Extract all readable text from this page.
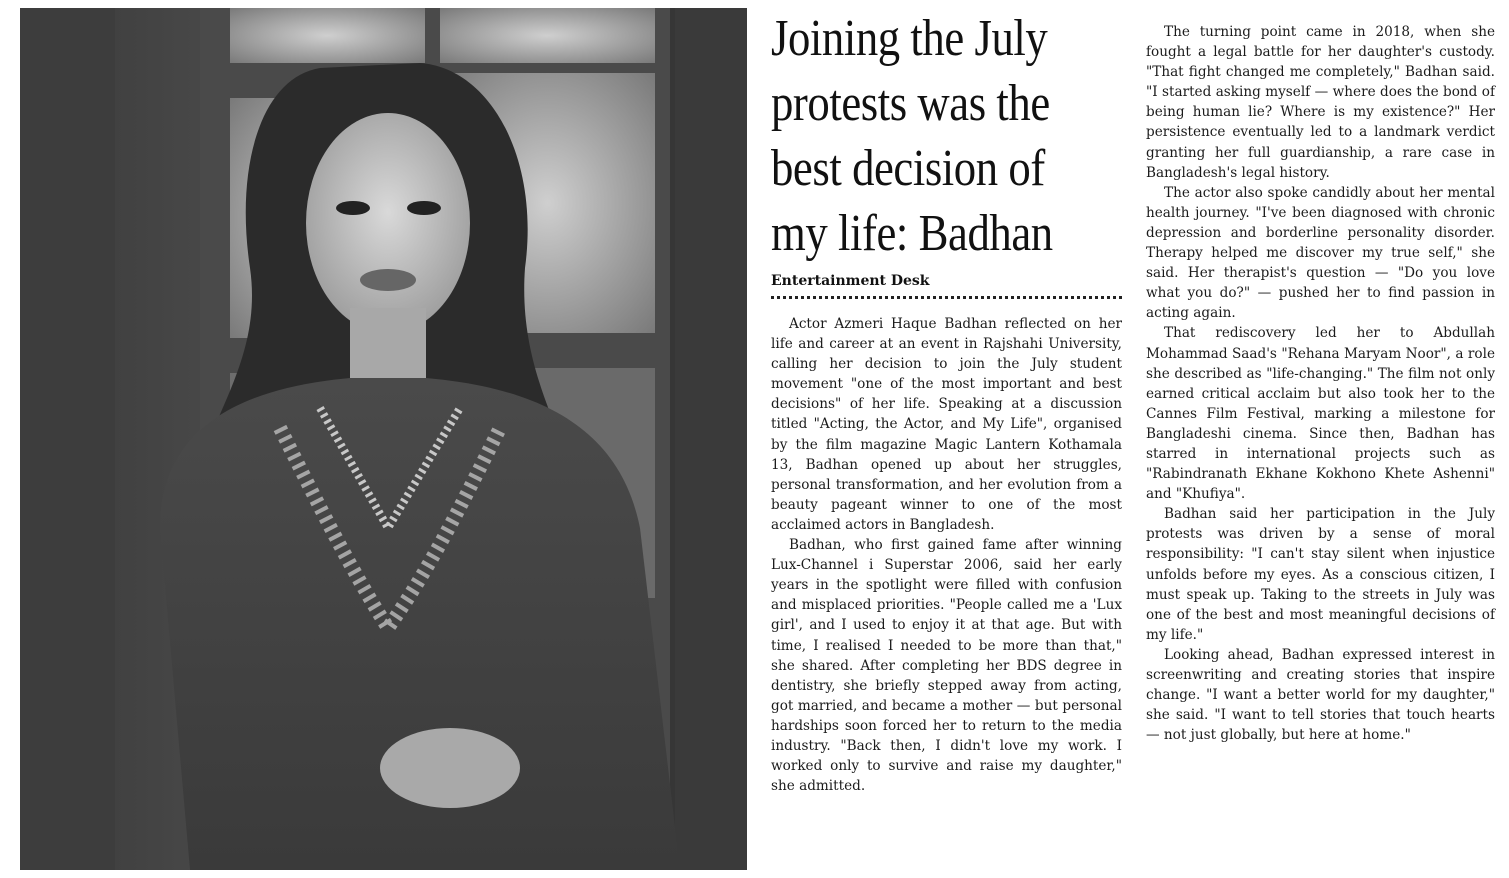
Joining the July protests was the best decision of my life: Badhan
Entertainment Desk

Actor Azmeri Haque Badhan reflected on her life and career at an event in Rajshahi University, calling her decision to join the July student movement "one of the most important and best decisions" of her life. Speaking at a discussion titled "Acting, the Actor, and My Life", organised by the film magazine Magic Lantern Kothamala 13, Badhan opened up about her struggles, personal transformation, and her evolution from a beauty pageant winner to one of the most acclaimed actors in Bangladesh.

Badhan, who first gained fame after winning Lux-Channel i Superstar 2006, said her early years in the spotlight were filled with confusion and misplaced priorities. "People called me a 'Lux girl', and I used to enjoy it at that age. But with time, I realised I needed to be more than that," she shared. After completing her BDS degree in dentistry, she briefly stepped away from acting, got married, and became a mother — but personal hardships soon forced her to return to the media industry. "Back then, I didn't love my work. I worked only to survive and raise my daughter," she admitted.

The turning point came in 2018, when she fought a legal battle for her daughter's custody. "That fight changed me completely," Badhan said. "I started asking myself — where does the bond of being human lie? Where is my existence?" Her persistence eventually led to a landmark verdict granting her full guardianship, a rare case in Bangladesh's legal history.

The actor also spoke candidly about her mental health journey. "I've been diagnosed with chronic depression and borderline personality disorder. Therapy helped me discover my true self," she said. Her therapist's question — "Do you love what you do?" — pushed her to find passion in acting again.

That rediscovery led her to Abdullah Mohammad Saad's "Rehana Maryam Noor", a role she described as "life-changing." The film not only earned critical acclaim but also took her to the Cannes Film Festival, marking a milestone for Bangladeshi cinema. Since then, Badhan has starred in international projects such as "Rabindranath Ekhane Kokhono Khete Ashenni" and "Khufiya".

Badhan said her participation in the July protests was driven by a sense of moral responsibility: "I can't stay silent when injustice unfolds before my eyes. As a conscious citizen, I must speak up. Taking to the streets in July was one of the best and most meaningful decisions of my life."

Looking ahead, Badhan expressed interest in screenwriting and creating stories that inspire change. "I want a better world for my daughter," she said. "I want to tell stories that touch hearts — not just globally, but here at home."
